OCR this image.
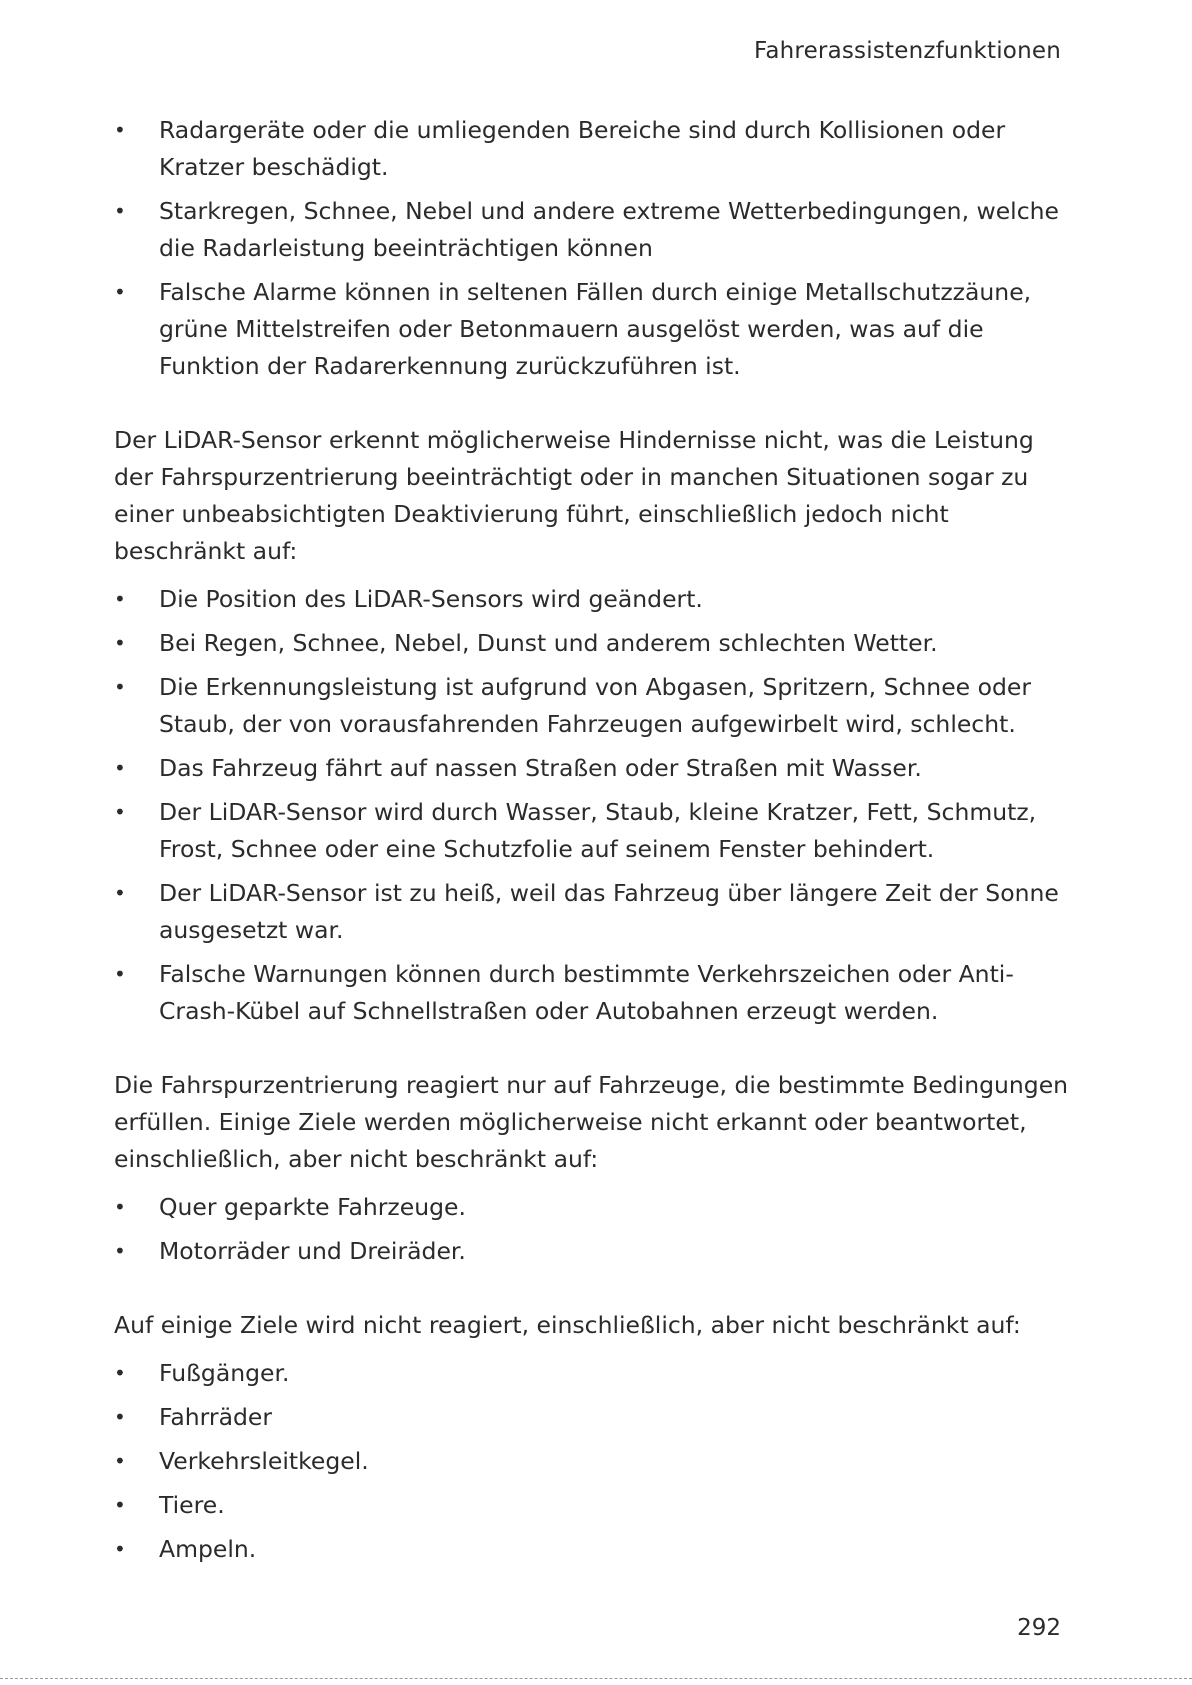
Fahrerassistenzfunktionen
•	Radargeräte oder die umliegenden Bereiche sind durch Kollisionen oder Kratzer beschädigt.
•	Starkregen, Schnee, Nebel und andere extreme Wetterbedingungen, welche die Radarleistung beeinträchtigen können
•	Falsche Alarme können in seltenen Fällen durch einige Metallschutzzäune, grüne Mittelstreifen oder Betonmauern ausgelöst werden, was auf die Funktion der Radarerkennung zurückzuführen ist.

Der LiDAR-Sensor erkennt möglicherweise Hindernisse nicht, was die Leistung der Fahrspurzentrierung beeinträchtigt oder in manchen Situationen sogar zu einer unbeabsichtigten Deaktivierung führt, einschließlich jedoch nicht beschränkt auf:

•	Die Position des LiDAR-Sensors wird geändert.
•	Bei Regen, Schnee, Nebel, Dunst und anderem schlechten Wetter.
•	Die Erkennungsleistung ist aufgrund von Abgasen, Spritzern, Schnee oder Staub, der von vorausfahrenden Fahrzeugen aufgewirbelt wird, schlecht.
•	Das Fahrzeug fährt auf nassen Straßen oder Straßen mit Wasser.
•	Der LiDAR-Sensor wird durch Wasser, Staub, kleine Kratzer, Fett, Schmutz, Frost, Schnee oder eine Schutzfolie auf seinem Fenster behindert.
•	Der LiDAR-Sensor ist zu heiß, weil das Fahrzeug über längere Zeit der Sonne ausgesetzt war.
•	Falsche Warnungen können durch bestimmte Verkehrszeichen oder Anti-Crash-Kübel auf Schnellstraßen oder Autobahnen erzeugt werden.

Die Fahrspurzentrierung reagiert nur auf Fahrzeuge, die bestimmte Bedingungen erfüllen. Einige Ziele werden möglicherweise nicht erkannt oder beantwortet, einschließlich, aber nicht beschränkt auf:

•	Quer geparkte Fahrzeuge.
•	Motorräder und Dreiräder.

Auf einige Ziele wird nicht reagiert, einschließlich, aber nicht beschränkt auf:

•	Fußgänger.
•	Fahrräder
•	Verkehrsleitkegel.
•	Tiere.
•	Ampeln.
292
